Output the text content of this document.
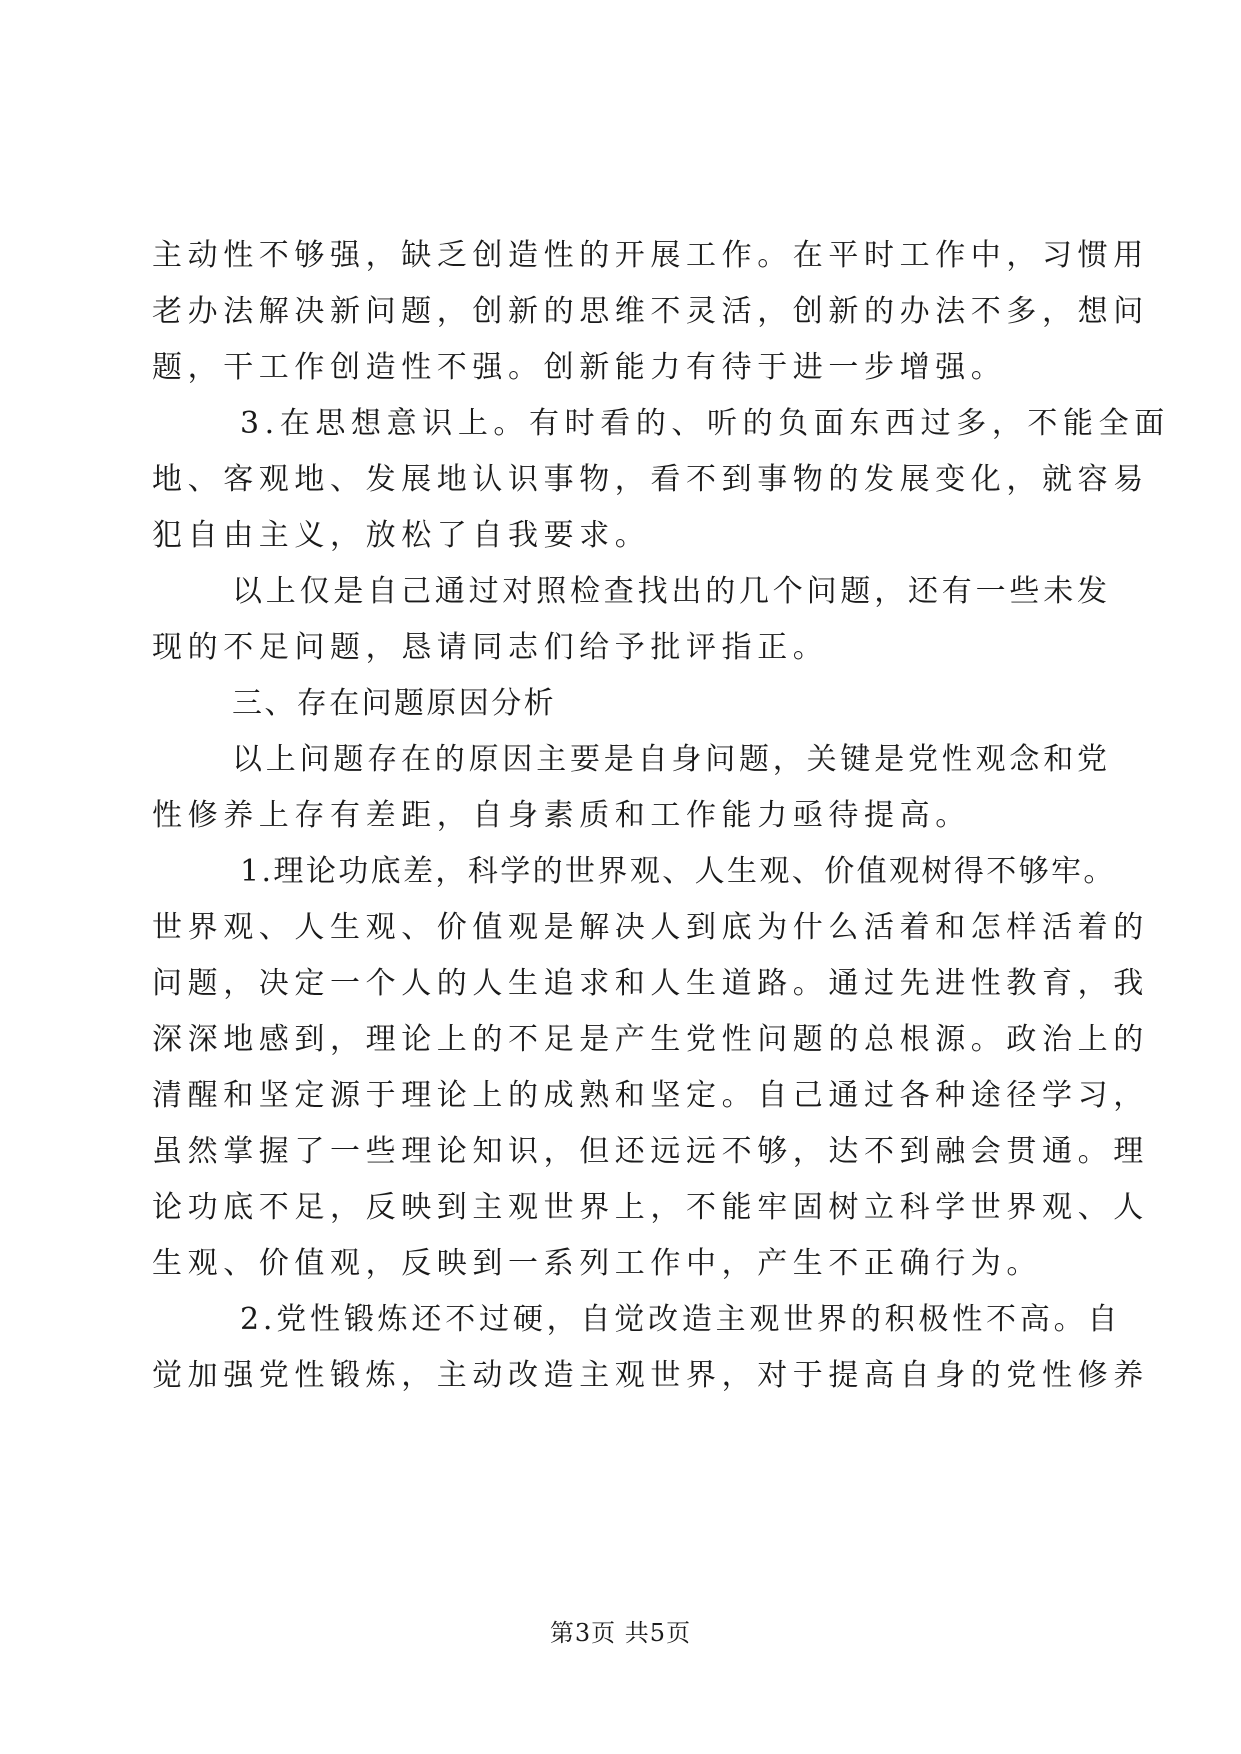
主动性不够强，缺乏创造性的开展工作。在平时工作中，习惯用
老办法解决新问题，创新的思维不灵活，创新的办法不多，想问
题，干工作创造性不强。创新能力有待于进一步增强。
3.在思想意识上。有时看的、听的负面东西过多，不能全面
地、客观地、发展地认识事物，看不到事物的发展变化，就容易
犯自由主义，放松了自我要求。
以上仅是自己通过对照检查找出的几个问题，还有一些未发
现的不足问题，恳请同志们给予批评指正。
三、存在问题原因分析
以上问题存在的原因主要是自身问题，关键是党性观念和党
性修养上存有差距，自身素质和工作能力亟待提高。
1.理论功底差，科学的世界观、人生观、价值观树得不够牢。
世界观、人生观、价值观是解决人到底为什么活着和怎样活着的
问题，决定一个人的人生追求和人生道路。通过先进性教育，我
深深地感到，理论上的不足是产生党性问题的总根源。政治上的
清醒和坚定源于理论上的成熟和坚定。自己通过各种途径学习，
虽然掌握了一些理论知识，但还远远不够，达不到融会贯通。理
论功底不足，反映到主观世界上，不能牢固树立科学世界观、人
生观、价值观，反映到一系列工作中，产生不正确行为。
2.党性锻炼还不过硬，自觉改造主观世界的积极性不高。自
觉加强党性锻炼，主动改造主观世界，对于提高自身的党性修养
第3页 共5页
